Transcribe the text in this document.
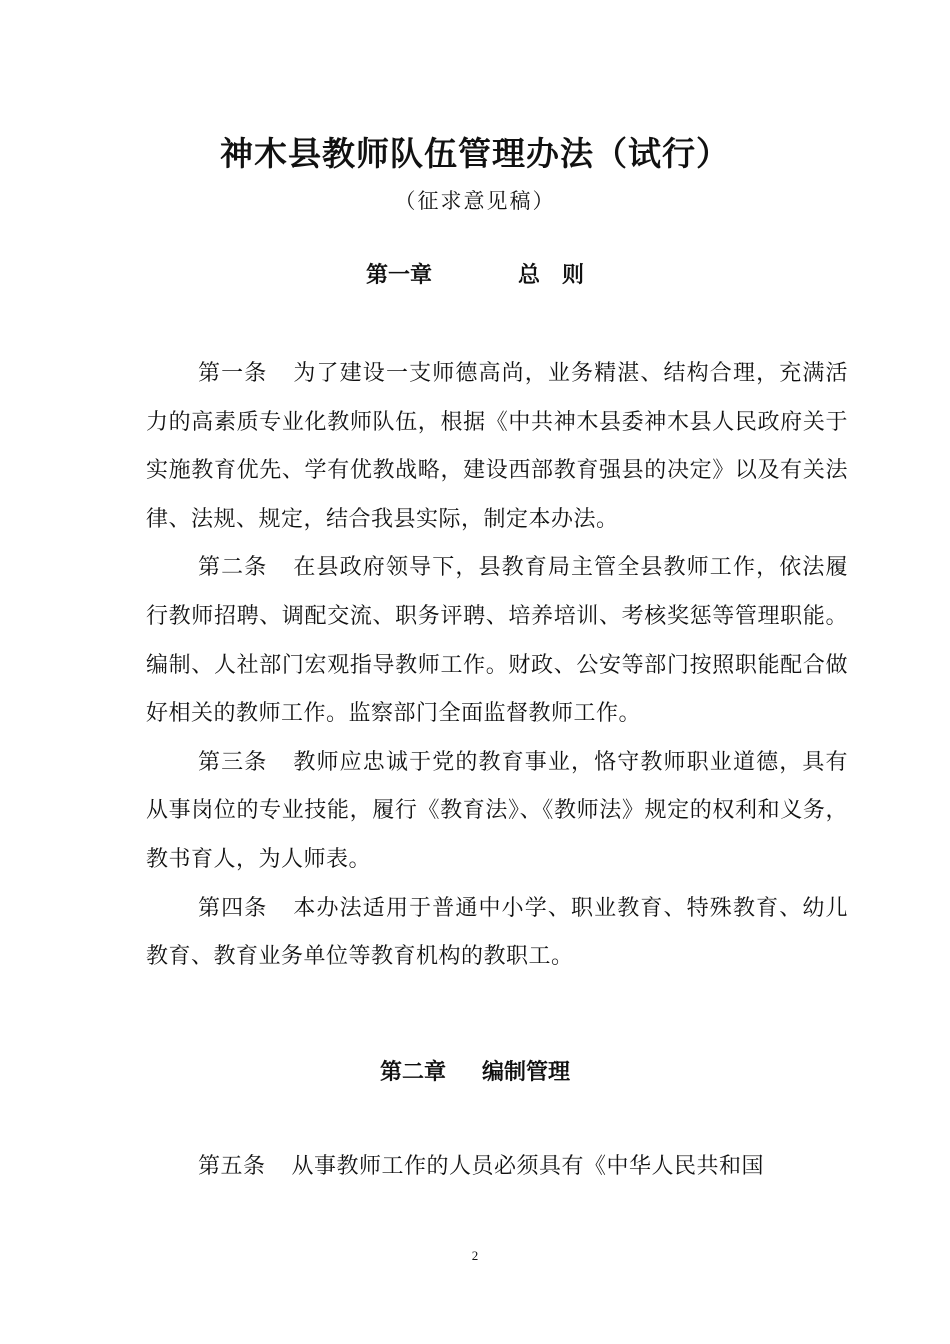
神木县教师队伍管理办法（试行）

（征求意见稿）

第一章	总　则

第一条 为了建设一支师德高尚，业务精湛、结构合理，充满活力的高素质专业化教师队伍，根据《中共神木县委神木县人民政府关于实施教育优先、学有优教战略，建设西部教育强县的决定》以及有关法律、法规、规定，结合我县实际，制定本办法。

第二条 在县政府领导下，县教育局主管全县教师工作，依法履行教师招聘、调配交流、职务评聘、培养培训、考核奖惩等管理职能。编制、人社部门宏观指导教师工作。财政、公安等部门按照职能配合做好相关的教师工作。监察部门全面监督教师工作。

第三条 教师应忠诚于党的教育事业，恪守教师职业道德，具有从事岗位的专业技能，履行《教育法》、《教师法》规定的权利和义务，教书育人，为人师表。

第四条 本办法适用于普通中小学、职业教育、特殊教育、幼儿教育、教育业务单位等教育机构的教职工。

第二章 编制管理

第五条 从事教师工作的人员必须具有《中华人民共和国

2
